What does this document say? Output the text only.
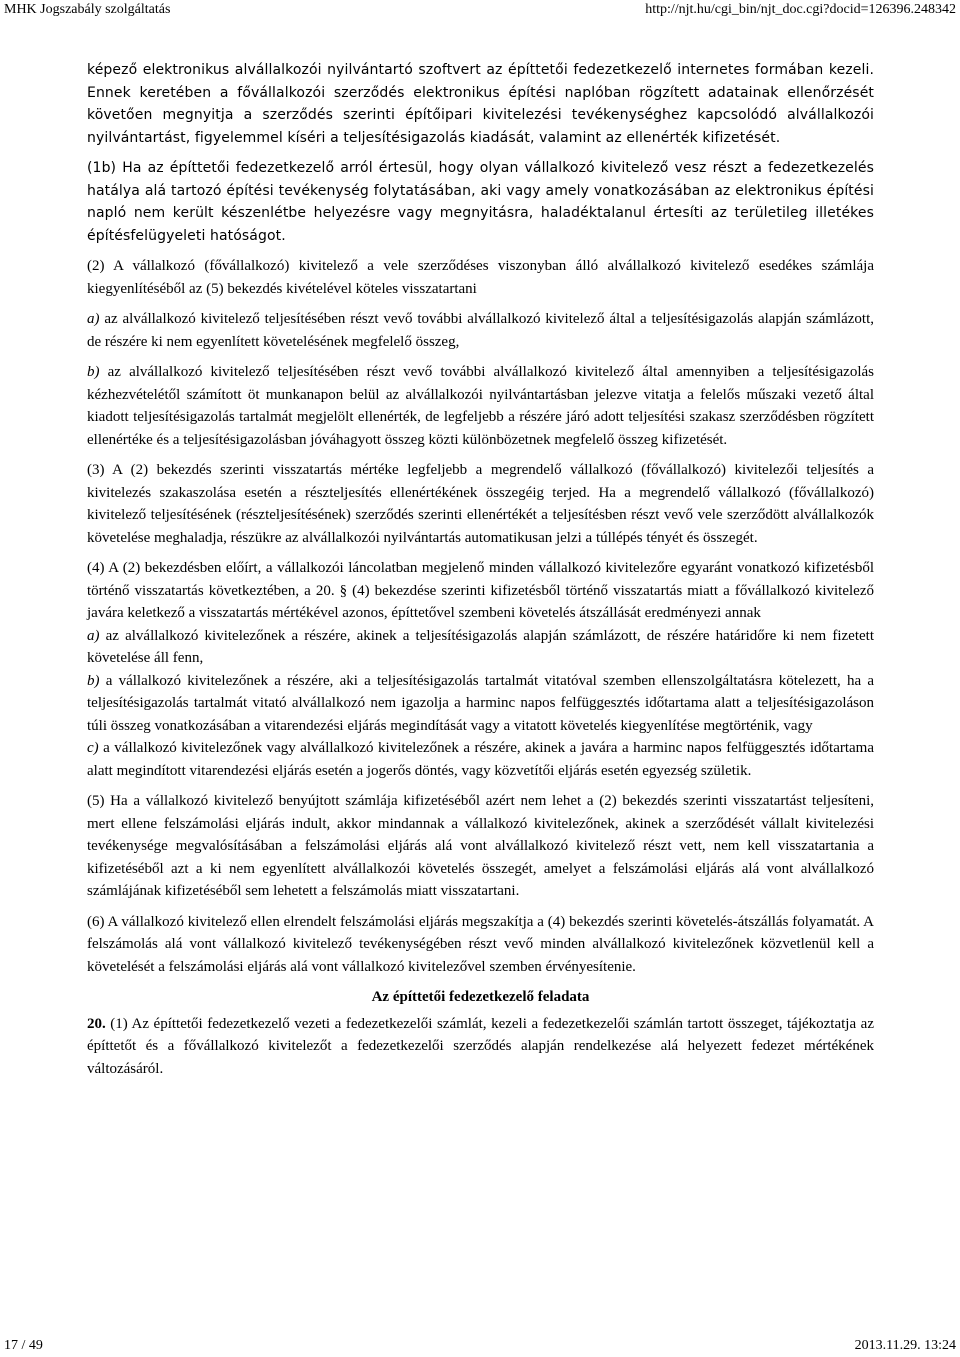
MHK Jogszabály szolgáltatás	http://njt.hu/cgi_bin/njt_doc.cgi?docid=126396.248342

képező elektronikus alvállalkozói nyilvántartó szoftvert az építtetői fedezetkezelő internetes formában kezeli. Ennek keretében a fővállalkozói szerződés elektronikus építési naplóban rögzített adatainak ellenőrzését követően megnyitja a szerződés szerinti építőipari kivitelezési tevékenységhez kapcsolódó alvállalkozói nyilvántartást, figyelemmel kíséri a teljesítésigazolás kiadását, valamint az ellenérték kifizetését.

(1b) Ha az építtetői fedezetkezelő arról értesül, hogy olyan vállalkozó kivitelező vesz részt a fedezetkezelés hatálya alá tartozó építési tevékenység folytatásában, aki vagy amely vonatkozásában az elektronikus építési napló nem került készenlétbe helyezésre vagy megnyitásra, haladéktalanul értesíti az területileg illetékes építésfelügyeleti hatóságot.

(2) A vállalkozó (fővállalkozó) kivitelező a vele szerződéses viszonyban álló alvállalkozó kivitelező esedékes számlája kiegyenlítéséből az (5) bekezdés kivételével köteles visszatartani

a) az alvállalkozó kivitelező teljesítésében részt vevő további alvállalkozó kivitelező által a teljesítésigazolás alapján számlázott, de részére ki nem egyenlített követelésének megfelelő összeg,

b) az alvállalkozó kivitelező teljesítésében részt vevő további alvállalkozó kivitelező által amennyiben a teljesítésigazolás kézhezvételétől számított öt munkanapon belül az alvállalkozói nyilvántartásban jelezve vitatja a felelős műszaki vezető által kiadott teljesítésigazolás tartalmát megjelölt ellenérték, de legfeljebb a részére járó adott teljesítési szakasz szerződésben rögzített ellenértéke és a teljesítésigazolásban jóváhagyott összeg közti különbözetnek megfelelő összeg kifizetését.

(3) A (2) bekezdés szerinti visszatartás mértéke legfeljebb a megrendelő vállalkozó (fővállalkozó) kivitelezői teljesítés a kivitelezés szakaszolása esetén a részteljesítés ellenértékének összegéig terjed. Ha a megrendelő vállalkozó (fővállalkozó) kivitelező teljesítésének (részteljesítésének) szerződés szerinti ellenértékét a teljesítésben részt vevő vele szerződött alvállalkozók követelése meghaladja, részükre az alvállalkozói nyilvántartás automatikusan jelzi a túllépés tényét és összegét.

(4) A (2) bekezdésben előírt, a vállalkozói láncolatban megjelenő minden vállalkozó kivitelezőre egyaránt vonatkozó kifizetésből történő visszatartás következtében, a 20. § (4) bekezdése szerinti kifizetésből történő visszatartás miatt a fővállalkozó kivitelező javára keletkező a visszatartás mértékével azonos, építtetővel szembeni követelés átszállását eredményezi annak

a) az alvállalkozó kivitelezőnek a részére, akinek a teljesítésigazolás alapján számlázott, de részére határidőre ki nem fizetett követelése áll fenn,

b) a vállalkozó kivitelezőnek a részére, aki a teljesítésigazolás tartalmát vitatóval szemben ellenszolgáltatásra kötelezett, ha a teljesítésigazolás tartalmát vitató alvállalkozó nem igazolja a harminc napos felfüggesztés időtartama alatt a teljesítésigazoláson túli összeg vonatkozásában a vitarendezési eljárás megindítását vagy a vitatott követelés kiegyenlítése megtörténik, vagy

c) a vállalkozó kivitelezőnek vagy alvállalkozó kivitelezőnek a részére, akinek a javára a harminc napos felfüggesztés időtartama alatt megindított vitarendezési eljárás esetén a jogerős döntés, vagy közvetítői eljárás esetén egyezség születik.

(5) Ha a vállalkozó kivitelező benyújtott számlája kifizetéséből azért nem lehet a (2) bekezdés szerinti visszatartást teljesíteni, mert ellene felszámolási eljárás indult, akkor mindannak a vállalkozó kivitelezőnek, akinek a szerződését vállalt kivitelezési tevékenysége megvalósításában a felszámolási eljárás alá vont alvállalkozó kivitelező részt vett, nem kell visszatartania a kifizetéséből azt a ki nem egyenlített alvállalkozói követelés összegét, amelyet a felszámolási eljárás alá vont alvállalkozó számlájának kifizetéséből sem lehetett a felszámolás miatt visszatartani.

(6) A vállalkozó kivitelező ellen elrendelt felszámolási eljárás megszakítja a (4) bekezdés szerinti követelés-átszállás folyamatát. A felszámolás alá vont vállalkozó kivitelező tevékenységében részt vevő minden alvállalkozó kivitelezőnek közvetlenül kell a követelését a felszámolási eljárás alá vont vállalkozó kivitelezővel szemben érvényesítenie.

Az építtetői fedezetkezelő feladata

20. (1) Az építtetői fedezetkezelő vezeti a fedezetkezelői számlát, kezeli a fedezetkezelői számlán tartott összeget, tájékoztatja az építtetőt és a fővállalkozó kivitelezőt a fedezetkezelői szerződés alapján rendelkezése alá helyezett fedezet mértékének változásáról.

17 / 49	2013.11.29. 13:24
